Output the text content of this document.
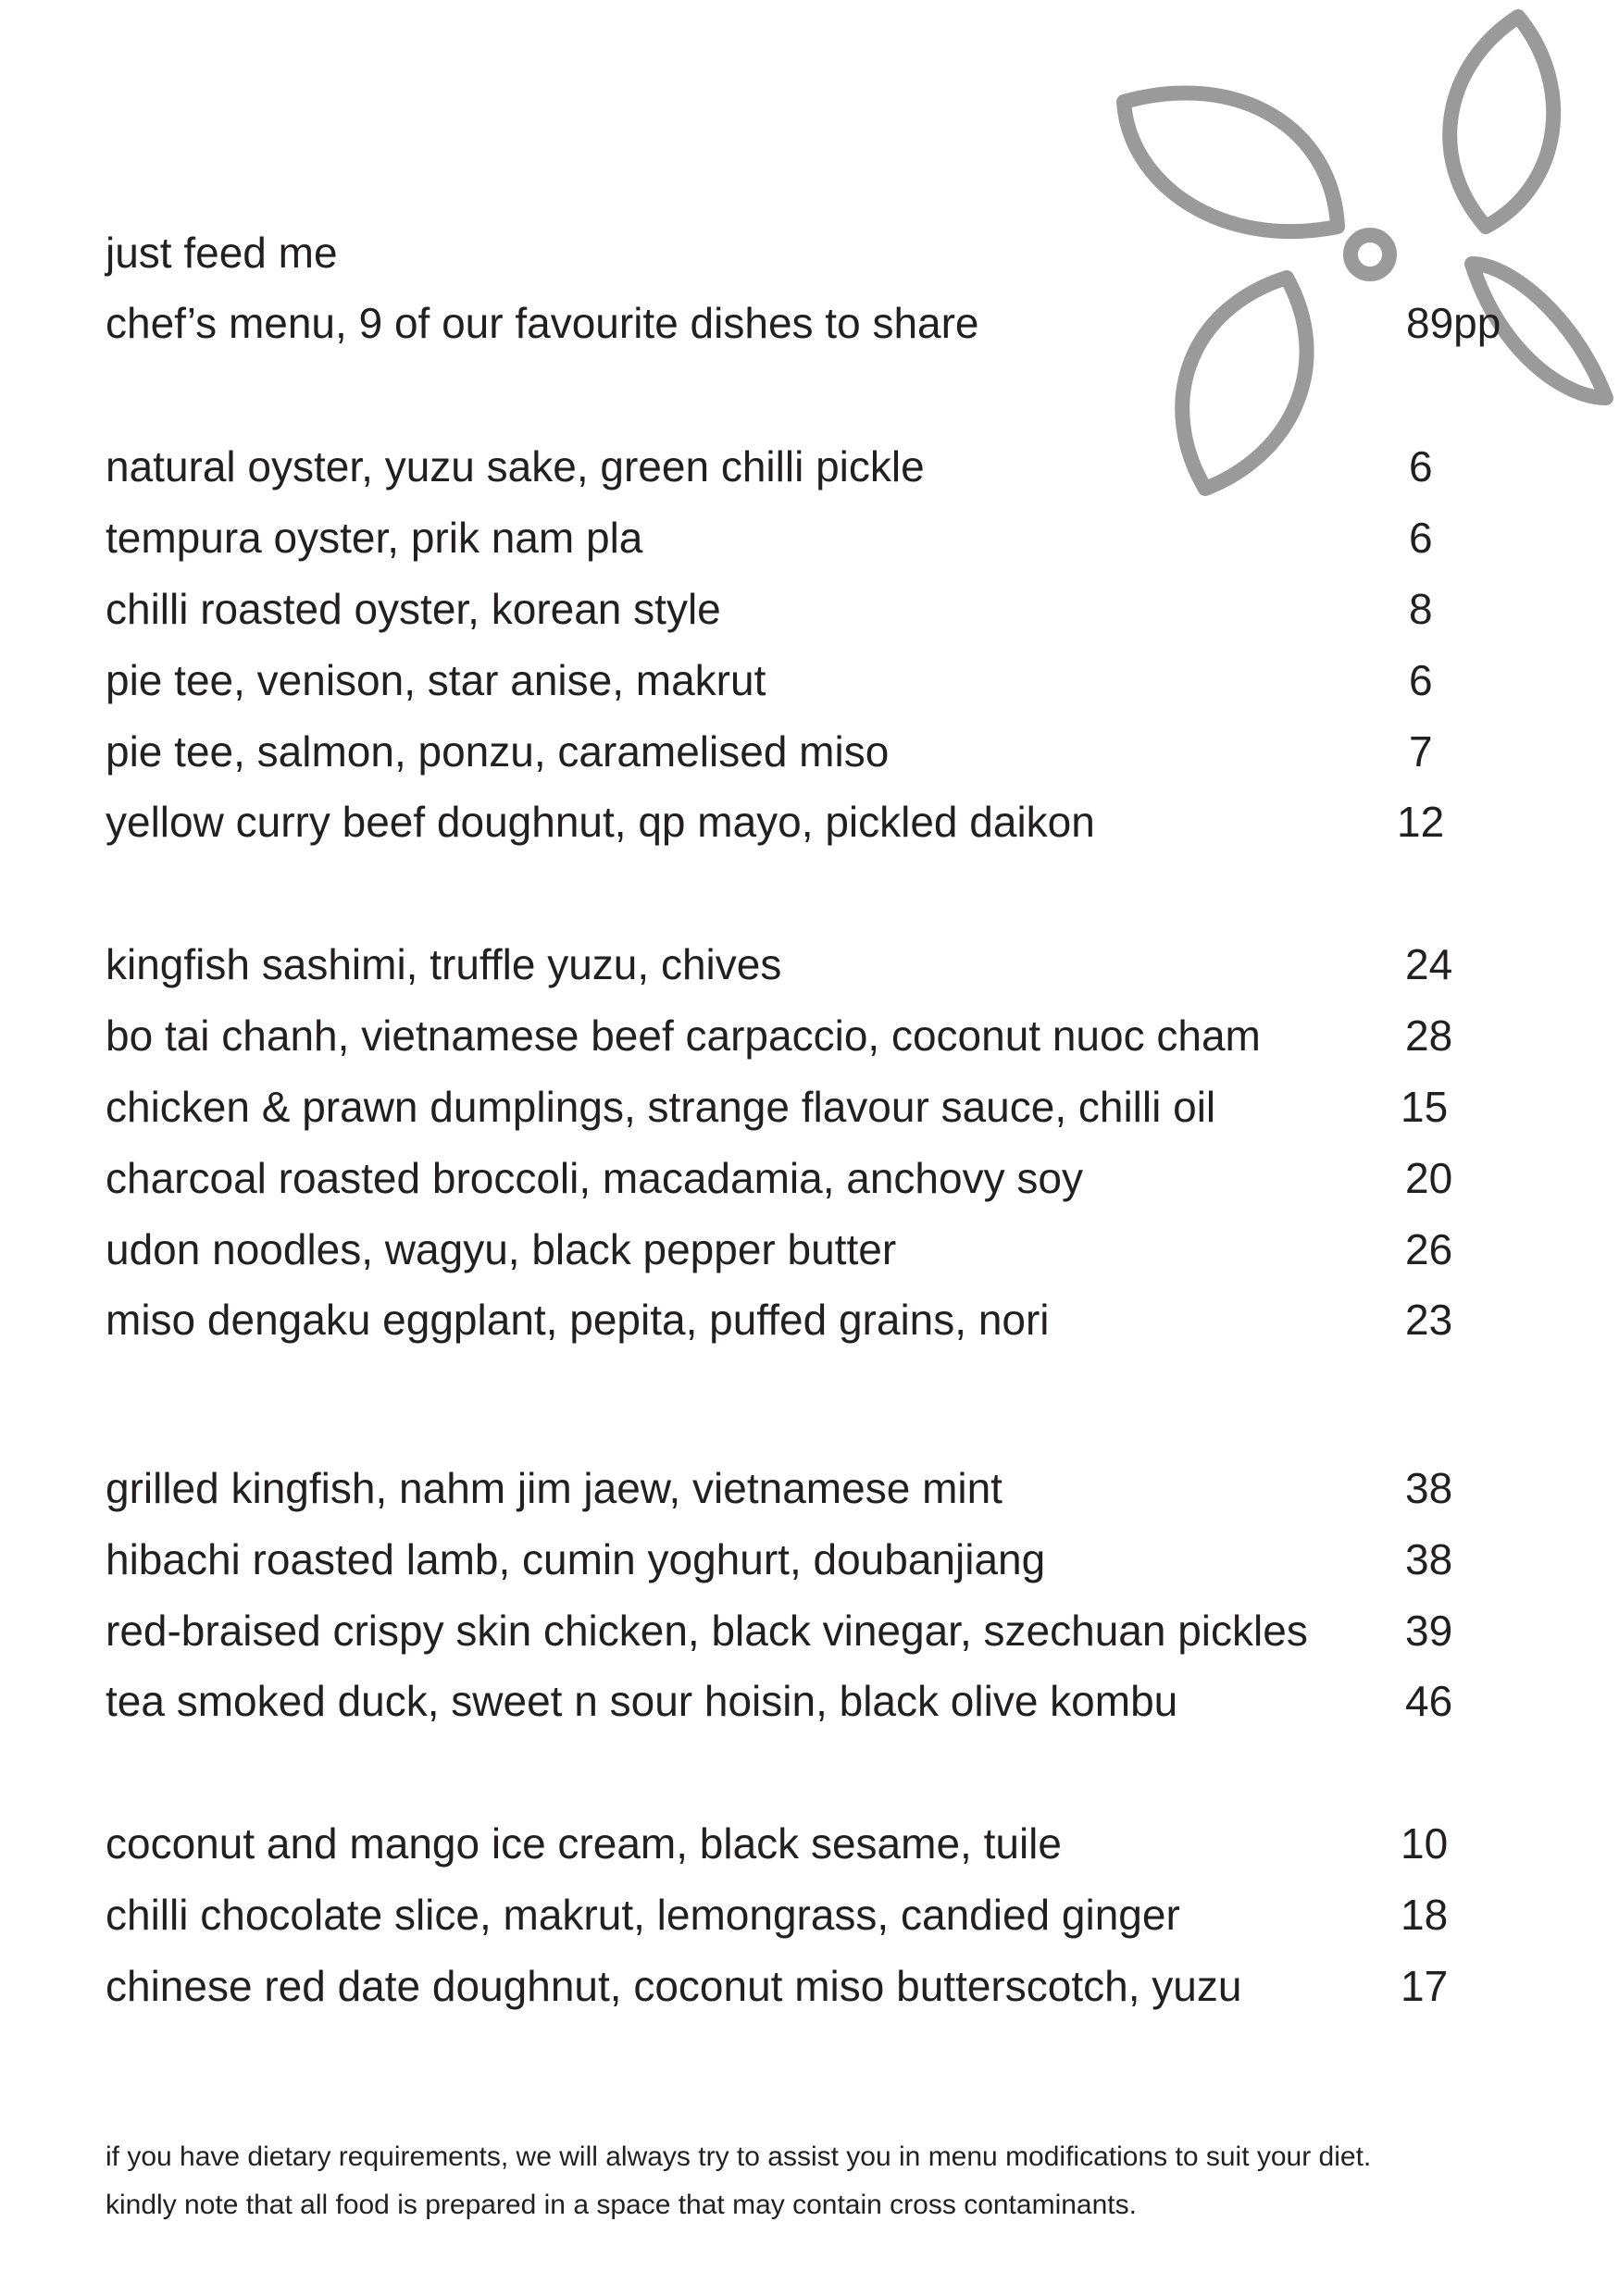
just feed me
chef’s menu, 9 of our favourite dishes to share	89pp
natural oyster, yuzu sake, green chilli pickle	6
tempura oyster, prik nam pla	6
chilli roasted oyster, korean style	8
pie tee, venison, star anise, makrut	6
pie tee, salmon, ponzu, caramelised miso	7
yellow curry beef doughnut, qp mayo, pickled daikon	12
kingfish sashimi, truffle yuzu, chives	24
bo tai chanh, vietnamese beef carpaccio, coconut nuoc cham	28
chicken & prawn dumplings, strange flavour sauce, chilli oil	15
charcoal roasted broccoli, macadamia, anchovy soy	20
udon noodles, wagyu, black pepper butter	26
miso dengaku eggplant, pepita, puffed grains, nori	23
grilled kingfish, nahm jim jaew, vietnamese mint	38
hibachi roasted lamb, cumin yoghurt, doubanjiang	38
red-braised crispy skin chicken, black vinegar, szechuan pickles 39
tea smoked duck, sweet n sour hoisin, black olive kombu	46
coconut and mango ice cream, black sesame, tuile	10
chilli chocolate slice, makrut, lemongrass, candied ginger	18
chinese red date doughnut, coconut miso butterscotch, yuzu	17
if you have dietary requirements, we will always try to assist you in menu modifications to suit your diet.
kindly note that all food is prepared in a space that may contain cross contaminants.
